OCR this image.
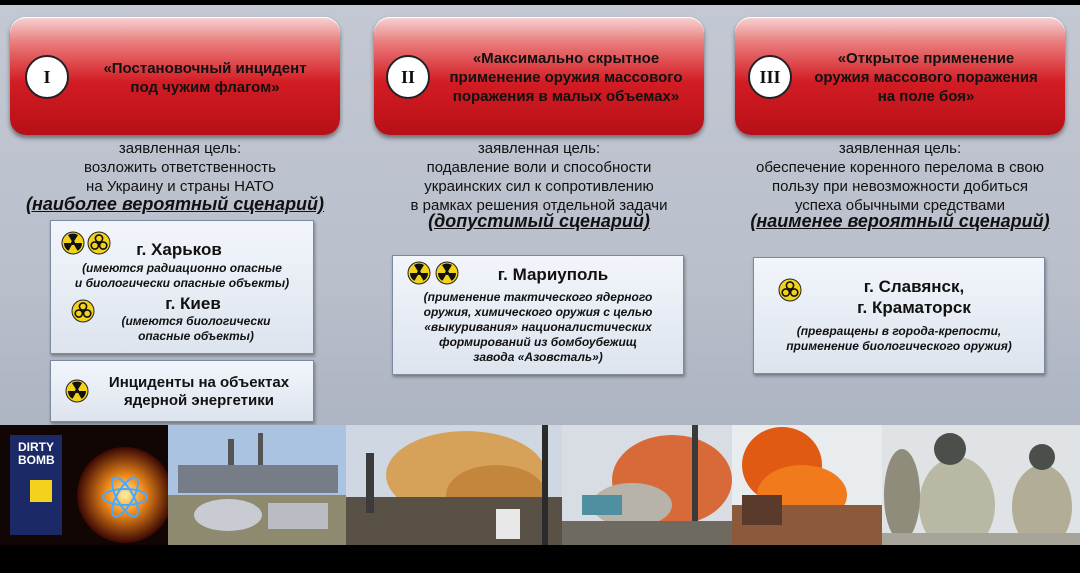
I	«Постановочный инцидент
под чужим флагом»
заявленная цель:
возложить ответственность
на Украину и страны НАТО
(наиболее вероятный сценарий)
г. Харьков
(имеются радиационно опасные
и биологически опасные объекты)
г. Киев
(имеются биологически
опасные объекты)
Инциденты на объектах
ядерной энергетики
II
«Максимально скрытное
применение оружия массового
поражения в малых объемах»
заявленная цель:
подавление воли и способности
украинских сил к сопротивлению
в рамках решения отдельной задачи
(допустимый сценарий)
г. Мариуполь
(применение тактического ядерного
оружия, химического оружия с целью
«выкуривания» националистических
формирований из бомбоубежищ
завода «Азовсталь»)
III
«Открытое применение
оружия массового поражения
на поле боя»
заявленная цель:
обеспечение коренного перелома в свою
пользу при невозможности добиться
успеха обычными средствами
(наименее вероятный сценарий)
г. Славянск,
г. Краматорск
(превращены в города-крепости,
применение биологического оружия)
DIRTY
BOMB
